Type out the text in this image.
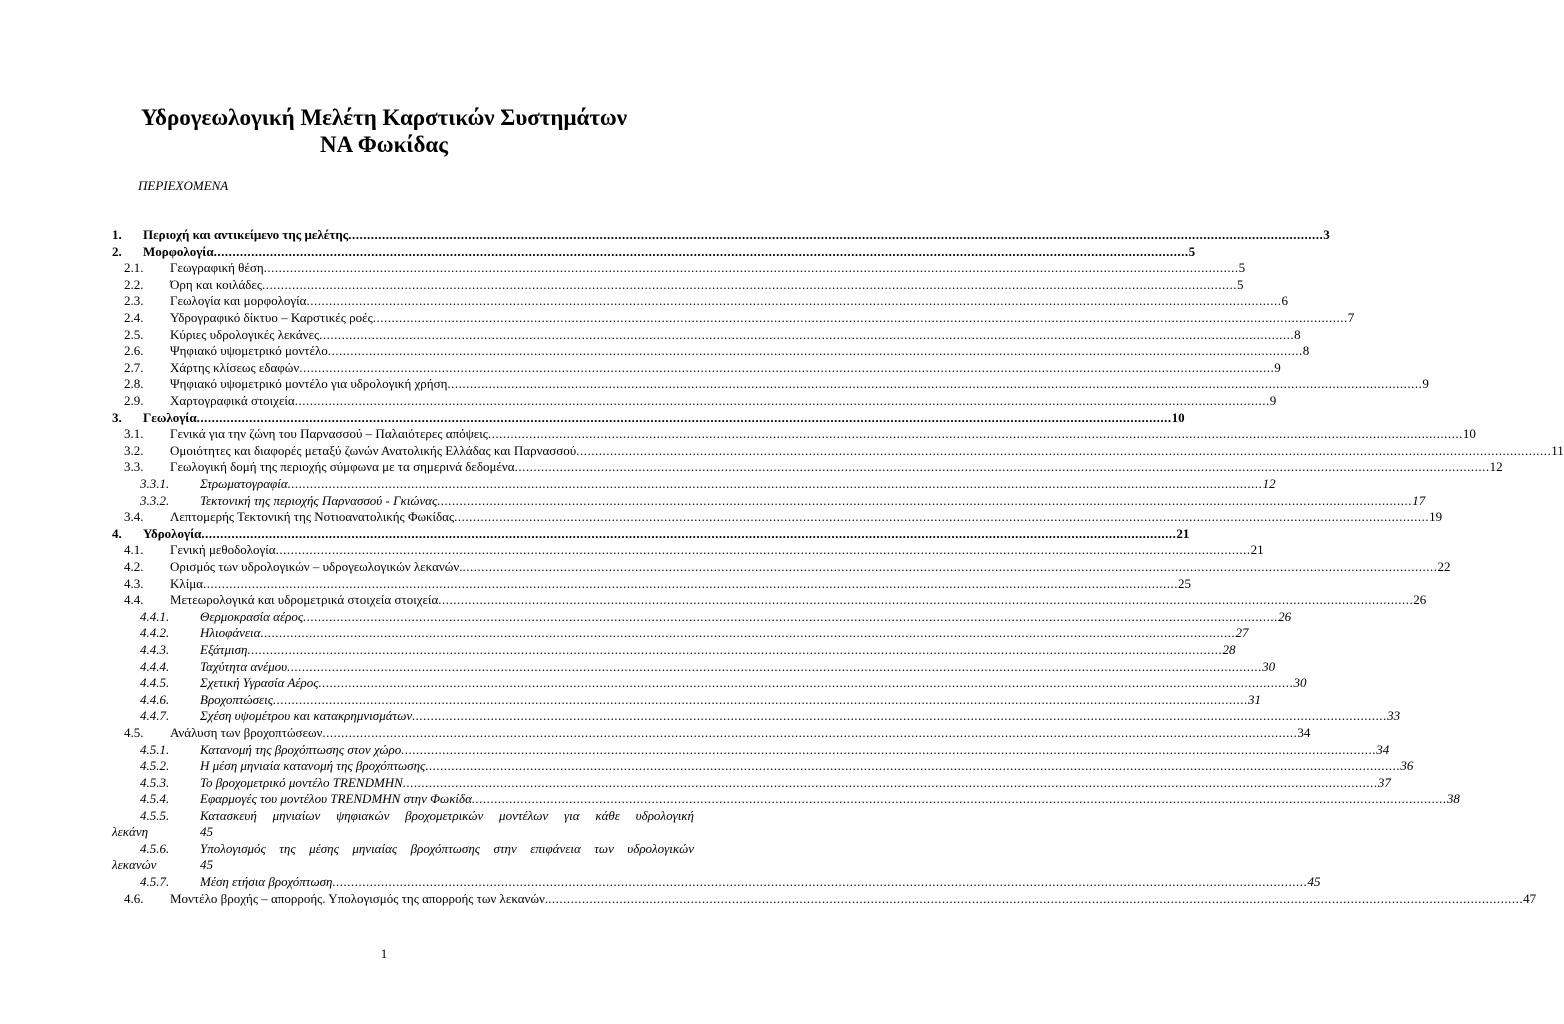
Υδρογεωλογική Μελέτη Καρστικών Συστημάτων
ΝΑ Φωκίδας
ΠΕΡΙΕΧΟΜΕΝΑ
1. Περιοχή και αντικείμενο της μελέτης .................................................................................................................................................................................................................................................................... 3
2. Μορφολογία .................................................................................................................................................................................................................................................................... 5
2.1. Γεωγραφική θέση .................................................................................................................................................................................................................................................................... 5
2.2. Όρη και κοιλάδες .................................................................................................................................................................................................................................................................... 5
2.3. Γεωλογία και μορφολογία .................................................................................................................................................................................................................................................................... 6
2.4. Υδρογραφικό δίκτυο – Καρστικές ροές .................................................................................................................................................................................................................................................................... 7
2.5. Κύριες υδρολογικές λεκάνες .................................................................................................................................................................................................................................................................... 8
2.6. Ψηφιακό υψομετρικό μοντέλο .................................................................................................................................................................................................................................................................... 8
2.7. Χάρτης κλίσεως εδαφών .................................................................................................................................................................................................................................................................... 9
2.8. Ψηφιακό υψομετρικό μοντέλο για υδρολογική χρήση .................................................................................................................................................................................................................................................................... 9
2.9. Χαρτογραφικά στοιχεία .................................................................................................................................................................................................................................................................... 9
3. Γεωλογία .................................................................................................................................................................................................................................................................... 10
3.1. Γενικά για την ζώνη του Παρνασσού – Παλαιότερες απόψεις .................................................................................................................................................................................................................................................................... 10
3.2. Ομοιότητες και διαφορές μεταξύ ζωνών Ανατολικής Ελλάδας και Παρνασσού .................................................................................................................................................................................................................................................................... 11
3.3. Γεωλογική δομή της περιοχής σύμφωνα με τα σημερινά δεδομένα .................................................................................................................................................................................................................................................................... 12
3.3.1. Στρωματογραφία .................................................................................................................................................................................................................................................................... 12
3.3.2. Τεκτονική της περιοχής Παρνασσού - Γκιώνας .................................................................................................................................................................................................................................................................... 17
3.4. Λεπτομερής Τεκτονική της Νοτιοανατολικής Φωκίδας .................................................................................................................................................................................................................................................................... 19
4. Υδρολογία .................................................................................................................................................................................................................................................................... 21
4.1. Γενική μεθοδολογία .................................................................................................................................................................................................................................................................... 21
4.2. Ορισμός των υδρολογικών – υδρογεωλογικών λεκανών. .................................................................................................................................................................................................................................................................... 22
4.3. Κλίμα .................................................................................................................................................................................................................................................................... 25
4.4. Μετεωρολογικά και υδρομετρικά στοιχεία στοιχεία .................................................................................................................................................................................................................................................................... 26
4.4.1. Θερμοκρασία αέρος .................................................................................................................................................................................................................................................................... 26
4.4.2. Ηλιοφάνεια .................................................................................................................................................................................................................................................................... 27
4.4.3. Εξάτμιση .................................................................................................................................................................................................................................................................... 28
4.4.4. Ταχύτητα ανέμου .................................................................................................................................................................................................................................................................... 30
4.4.5. Σχετική Υγρασία Αέρος .................................................................................................................................................................................................................................................................... 30
4.4.6. Βροχοπτώσεις .................................................................................................................................................................................................................................................................... 31
4.4.7. Σχέση υψομέτρου και κατακρημνισμάτων .................................................................................................................................................................................................................................................................... 33
4.5. Ανάλυση των βροχοπτώσεων .................................................................................................................................................................................................................................................................... 34
4.5.1. Κατανομή της βροχόπτωσης στον χώρο .................................................................................................................................................................................................................................................................... 34
4.5.2. Η μέση μηνιαία κατανομή της βροχόπτωσης .................................................................................................................................................................................................................................................................... 36
4.5.3. Το βροχομετρικό μοντέλο TRENDMHN .................................................................................................................................................................................................................................................................... 37
4.5.4. Εφαρμογές του μοντέλου TRENDMHN στην Φωκίδα .................................................................................................................................................................................................................................................................... 38
4.5.5. Κατασκευή μηνιαίων ψηφιακών βροχομετρικών μοντέλων για κάθε υδρολογική
λεκάνη	45
4.5.6. Υπολογισμός της μέσης μηνιαίας βροχόπτωσης στην επιφάνεια των υδρολογικών
λεκανών	45
4.5.7. Μέση ετήσια βροχόπτωση .................................................................................................................................................................................................................................................................... 45
4.6. Μοντέλο βροχής – απορροής. Υπολογισμός της απορροής των λεκανών. .................................................................................................................................................................................................................................................................... 47
1
